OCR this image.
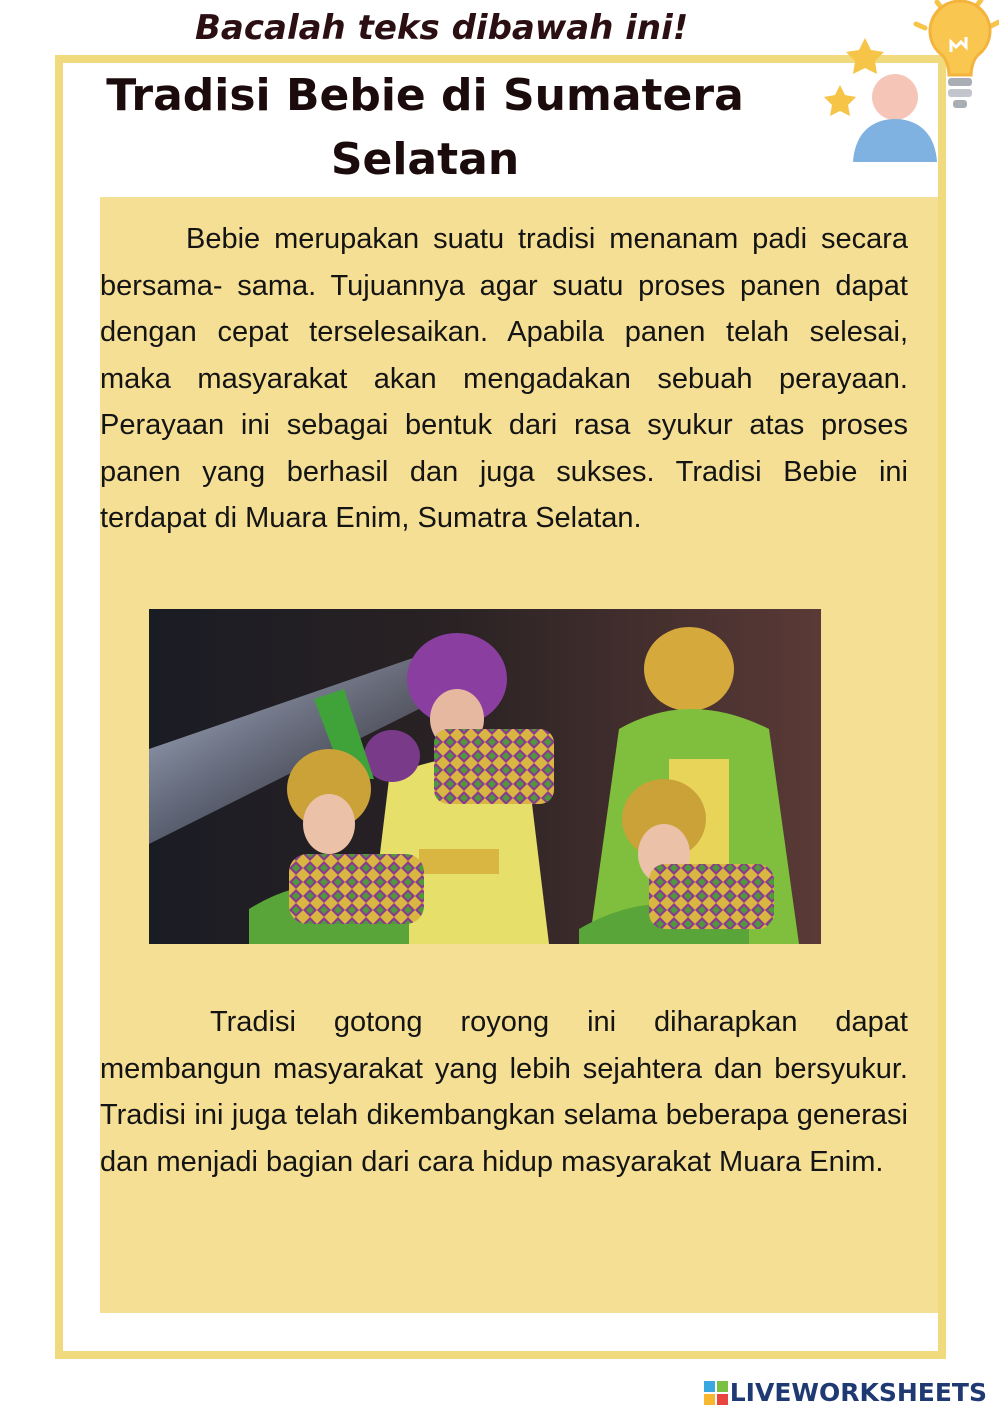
Bacalah teks dibawah ini!
Tradisi Bebie di Sumatera
Selatan

Bebie merupakan suatu tradisi menanam padi secara bersama- sama. Tujuannya agar suatu proses panen dapat dengan cepat terselesaikan. Apabila panen telah selesai, maka masyarakat akan mengadakan sebuah perayaan. Perayaan ini sebagai bentuk dari rasa syukur atas proses panen yang berhasil dan juga sukses. Tradisi Bebie ini terdapat di Muara Enim, Sumatra Selatan.

Tradisi gotong royong ini diharapkan dapat membangun masyarakat yang lebih sejahtera dan bersyukur. Tradisi ini juga telah dikembangkan selama beberapa generasi dan menjadi bagian dari cara hidup masyarakat Muara Enim.

LIVEWORKSHEETS
